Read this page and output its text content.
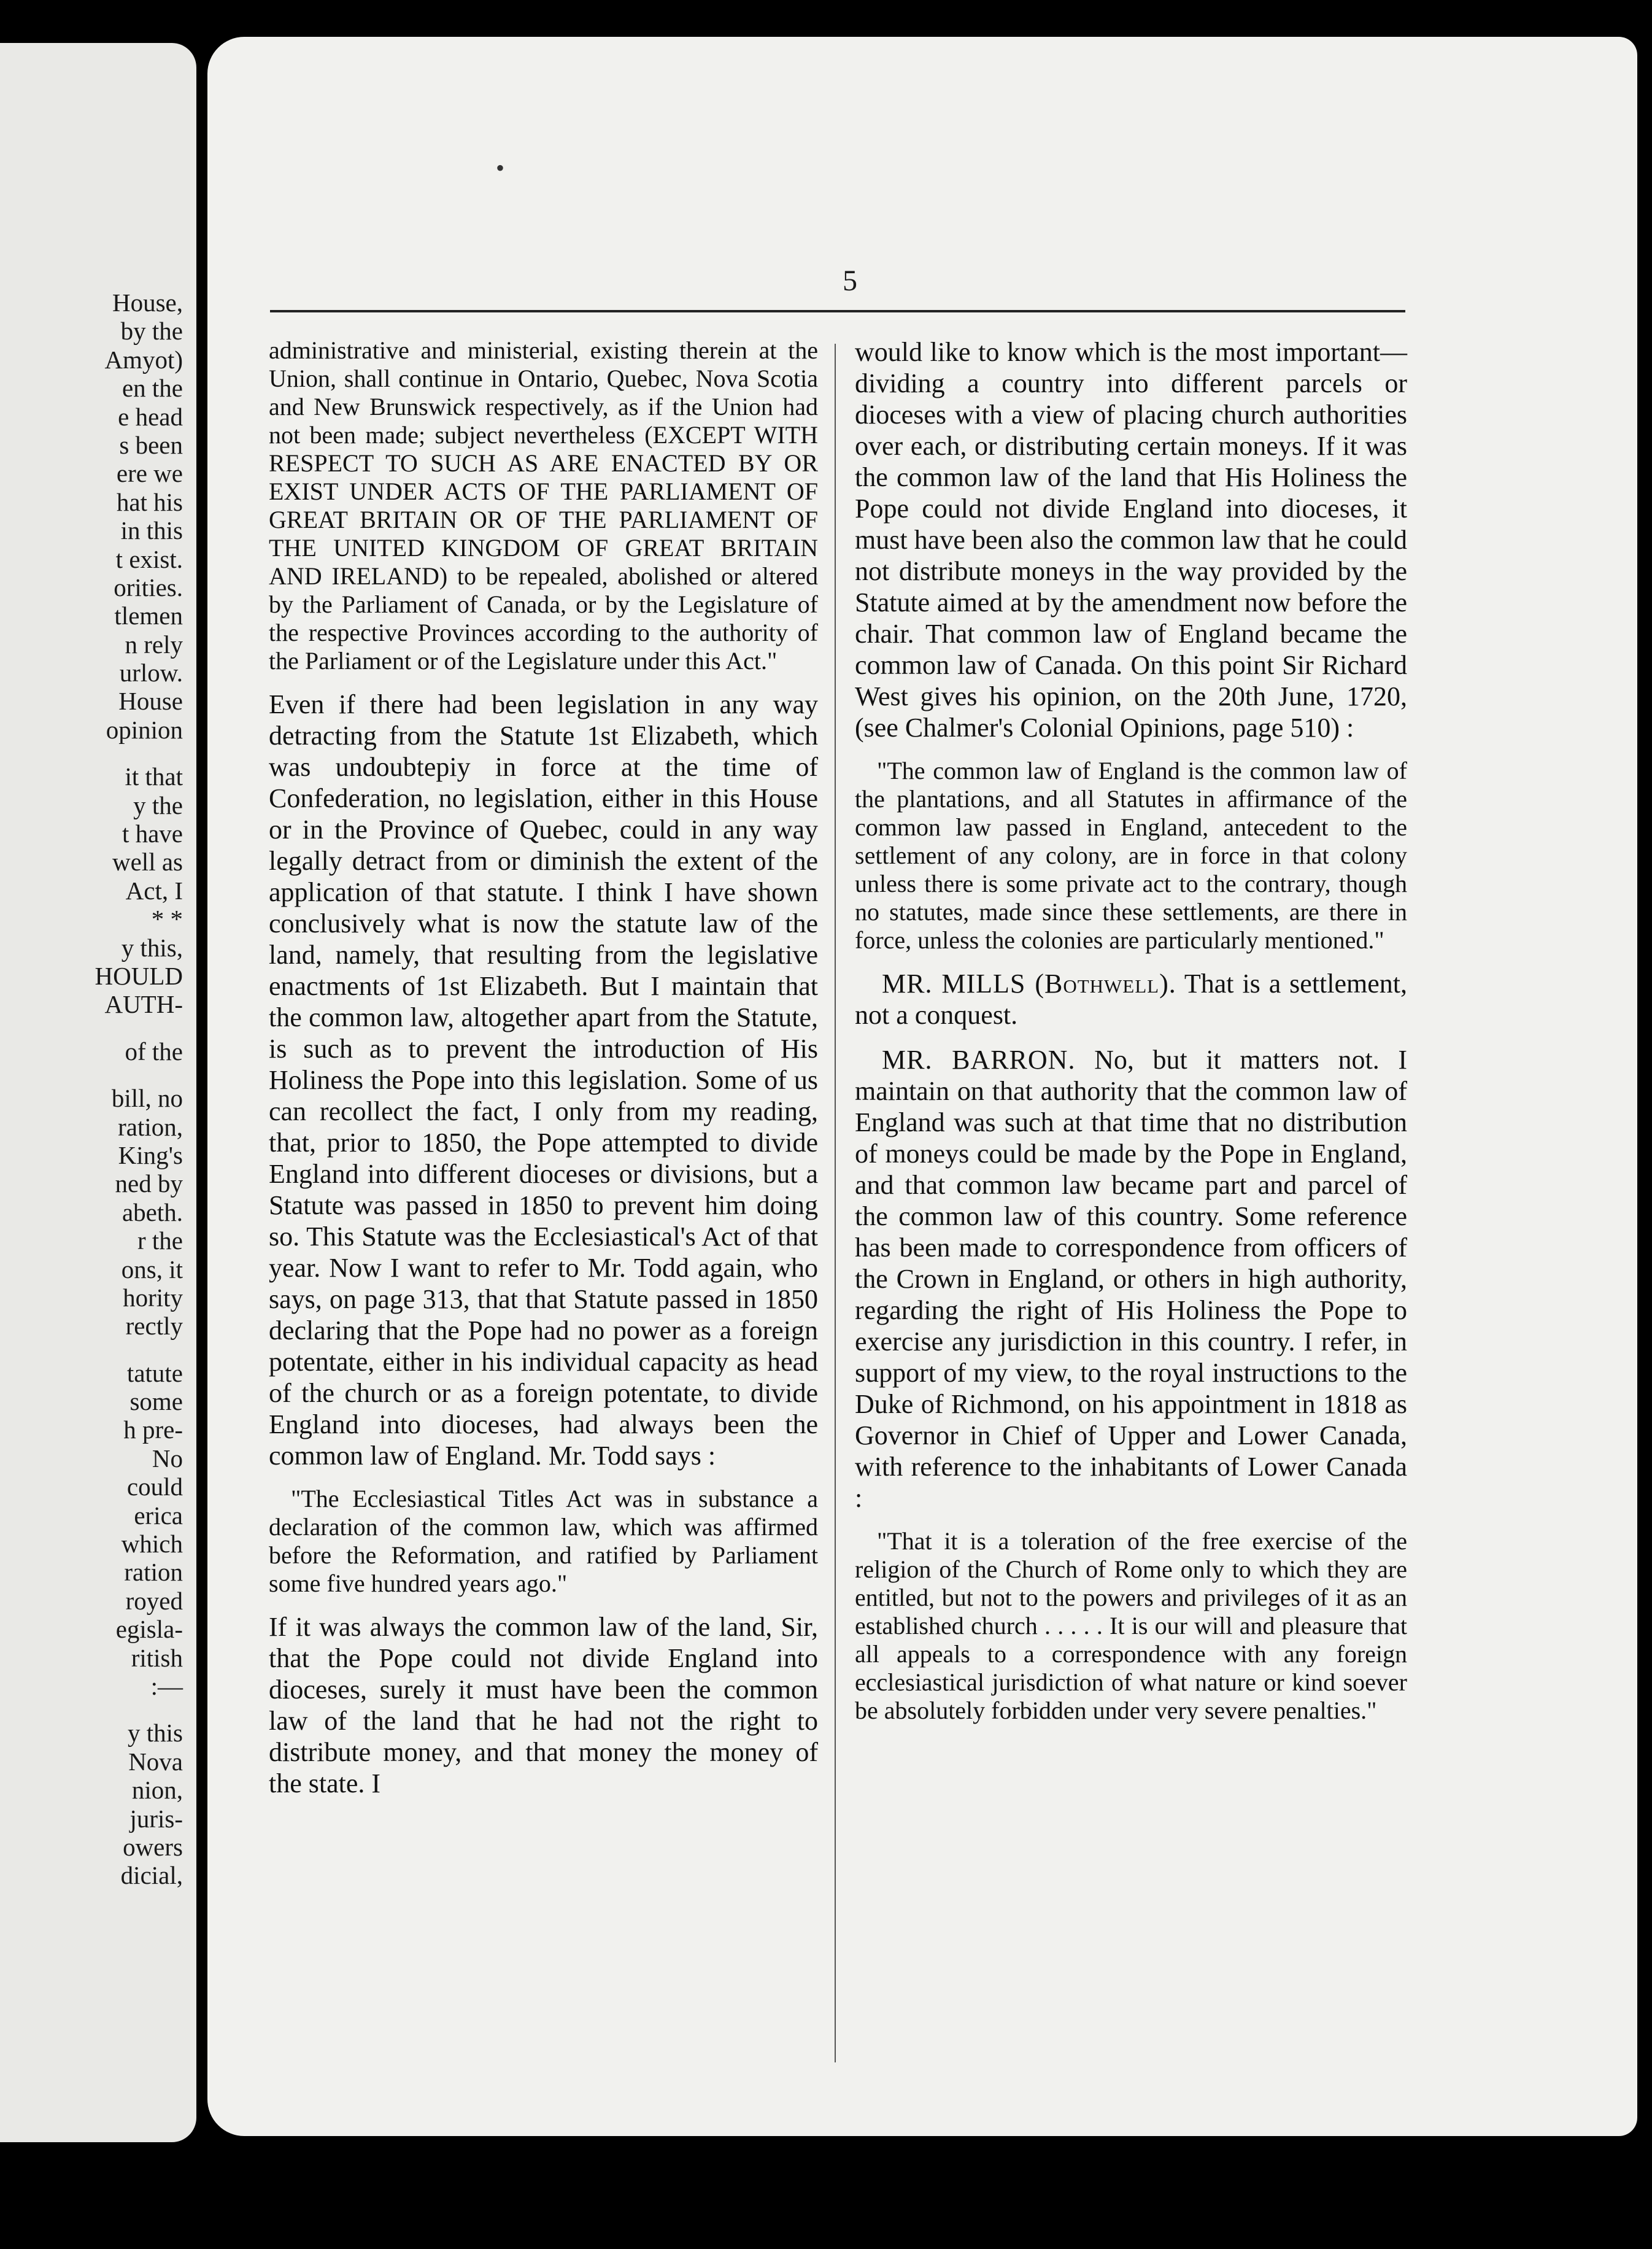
House,
by the
Amyot)
en the
e head
s been
ere we
hat his
in this
t exist.
orities.
tlemen
n rely
urlow.
House
opinion
it that
y the
t have
well as
Act, I
* *
y this,
HOULD
AUTH-
of the
bill, no
ration,
King's
ned by
abeth.
r the
ons, it
hority
rectly
tatute
some
h pre-
No
could
erica
which
ration
royed
egisla-
ritish
:—
y this
Nova
nion,
juris-
owers
dicial,
•
5

administrative and ministerial, existing therein at the Union, shall continue in Ontario, Quebec, Nova Scotia and New Brunswick respectively, as if the Union had not been made; subject nevertheless (EXCEPT WITH RESPECT TO SUCH AS ARE ENACTED BY OR EXIST UNDER ACTS OF THE PARLIAMENT OF GREAT BRITAIN OR OF THE PARLIAMENT OF THE UNITED KINGDOM OF GREAT BRITAIN AND IRELAND) to be repealed, abolished or altered by the Parliament of Canada, or by the Legislature of the respective Provinces according to the authority of the Parliament or of the Legislature under this Act."

Even if there had been legislation in any way detracting from the Statute 1st Elizabeth, which was undoubtepiy in force at the time of Confederation, no legislation, either in this House or in the Province of Quebec, could in any way legally detract from or diminish the extent of the application of that statute. I think I have shown conclusively what is now the statute law of the land, namely, that resulting from the legislative enactments of 1st Elizabeth. But I maintain that the common law, altogether apart from the Statute, is such as to prevent the introduction of His Holiness the Pope into this legislation. Some of us can recollect the fact, I only from my reading, that, prior to 1850, the Pope attempted to divide England into different dioceses or divisions, but a Statute was passed in 1850 to prevent him doing so. This Statute was the Ecclesiastical's Act of that year. Now I want to refer to Mr. Todd again, who says, on page 313, that that Statute passed in 1850 declaring that the Pope had no power as a foreign potentate, either in his individual capacity as head of the church or as a foreign potentate, to divide England into dioceses, had always been the common law of England. Mr. Todd says :

"The Ecclesiastical Titles Act was in substance a declaration of the common law, which was affirmed before the Reformation, and ratified by Parliament some five hundred years ago."

If it was always the common law of the land, Sir, that the Pope could not divide England into dioceses, surely it must have been the common law of the land that he had not the right to distribute money, and that money the money of the state. I

would like to know which is the most important—dividing a country into different parcels or dioceses with a view of placing church authorities over each, or distributing certain moneys. If it was the common law of the land that His Holiness the Pope could not divide England into dioceses, it must have been also the common law that he could not distribute moneys in the way provided by the Statute aimed at by the amendment now before the chair. That common law of England became the common law of Canada. On this point Sir Richard West gives his opinion, on the 20th June, 1720, (see Chalmer's Colonial Opinions, page 510) :

"The common law of England is the common law of the plantations, and all Statutes in affirmance of the common law passed in England, antecedent to the settlement of any colony, are in force in that colony unless there is some private act to the contrary, though no statutes, made since these settlements, are there in force, unless the colonies are particularly mentioned."

MR. MILLS (Bothwell). That is a settlement, not a conquest.

MR. BARRON. No, but it matters not. I maintain on that authority that the common law of England was such at that time that no distribution of moneys could be made by the Pope in England, and that common law became part and parcel of the common law of this country. Some reference has been made to correspondence from officers of the Crown in England, or others in high authority, regarding the right of His Holiness the Pope to exercise any jurisdiction in this country. I refer, in support of my view, to the royal instructions to the Duke of Richmond, on his appointment in 1818 as Governor in Chief of Upper and Lower Canada, with reference to the inhabitants of Lower Canada :

"That it is a toleration of the free exercise of the religion of the Church of Rome only to which they are entitled, but not to the powers and privileges of it as an established church . . . . . It is our will and pleasure that all appeals to a correspondence with any foreign ecclesiastical jurisdiction of what nature or kind soever be absolutely forbidden under very severe penalties."
